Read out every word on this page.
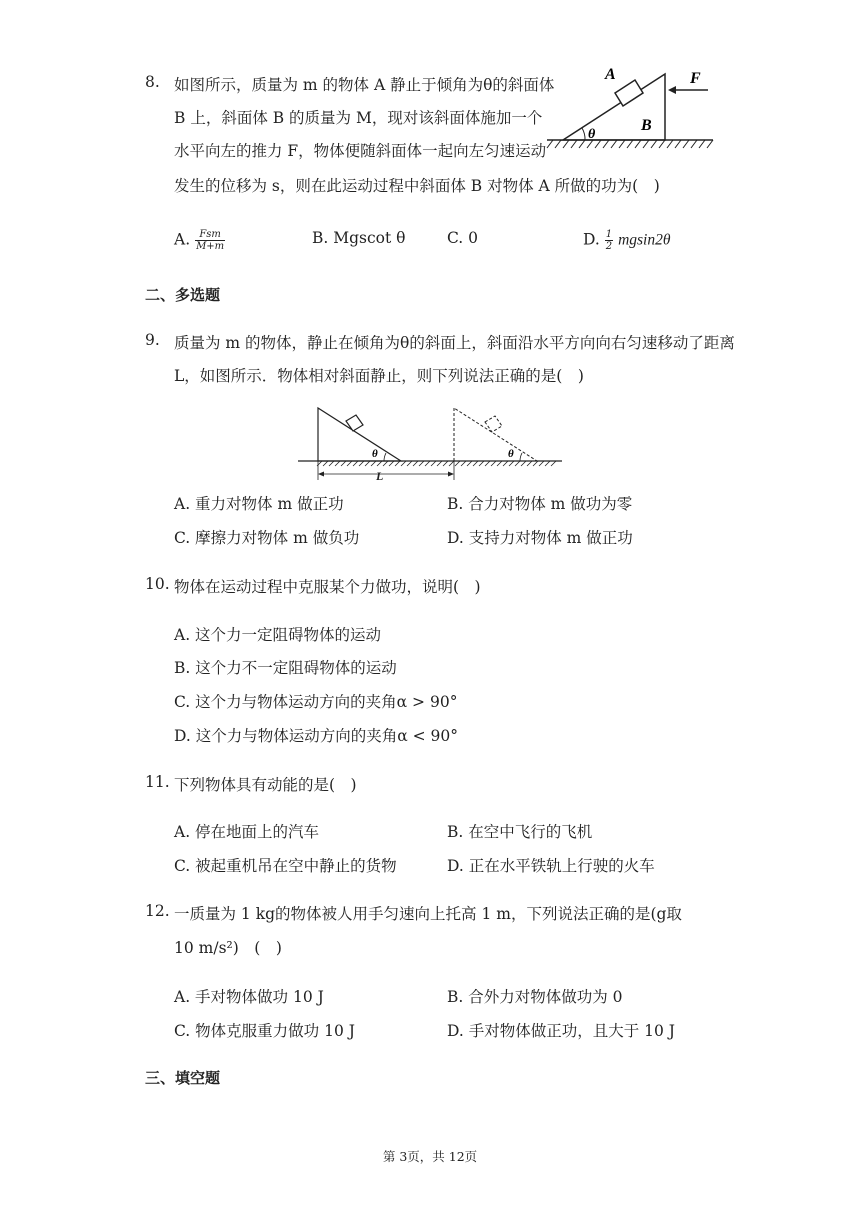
8. 如图所示，质量为 m 的物体 A 静止于倾角为θ的斜面体
B 上，斜面体 B 的质量为 M，现对该斜面体施加一个
水平向左的推力 F，物体便随斜面体一起向左匀速运动
发生的位移为 s，则在此运动过程中斜面体 B 对物体 A 所做的功为(　)
A
B
F
θ
A. $\frac{\text{Fsm}}{M+m}$	B. Mgscot θ	C. 0	D. $\frac{1}{2} mgsin2\theta$
二、多选题
9. 质量为 m 的物体，静止在倾角为θ的斜面上，斜面沿水平方向向右匀速移动了距离
L，如图所示．物体相对斜面静止，则下列说法正确的是(　)
θ	θ
L
A. 重力对物体 m 做正功	B. 合力对物体 m 做功为零
C. 摩擦力对物体 m 做负功	D. 支持力对物体 m 做正功
10. 物体在运动过程中克服某个力做功，说明(　)
A. 这个力一定阻碍物体的运动
B. 这个力不一定阻碍物体的运动
C. 这个力与物体运动方向的夹角α > 90°
D. 这个力与物体运动方向的夹角α < 90°
11. 下列物体具有动能的是(　)
A. 停在地面上的汽车	B. 在空中飞行的飞机
C. 被起重机吊在空中静止的货物	D. 正在水平铁轨上行驶的火车
12. 一质量为 1 kg的物体被人用手匀速向上托高 1 m，下列说法正确的是(g取
10 m/s²)　(　)
A. 手对物体做功 10 J	B. 合外力对物体做功为 0
C. 物体克服重力做功 10 J	D. 手对物体做正功，且大于 10 J
三、填空题
第 3页，共 12页
